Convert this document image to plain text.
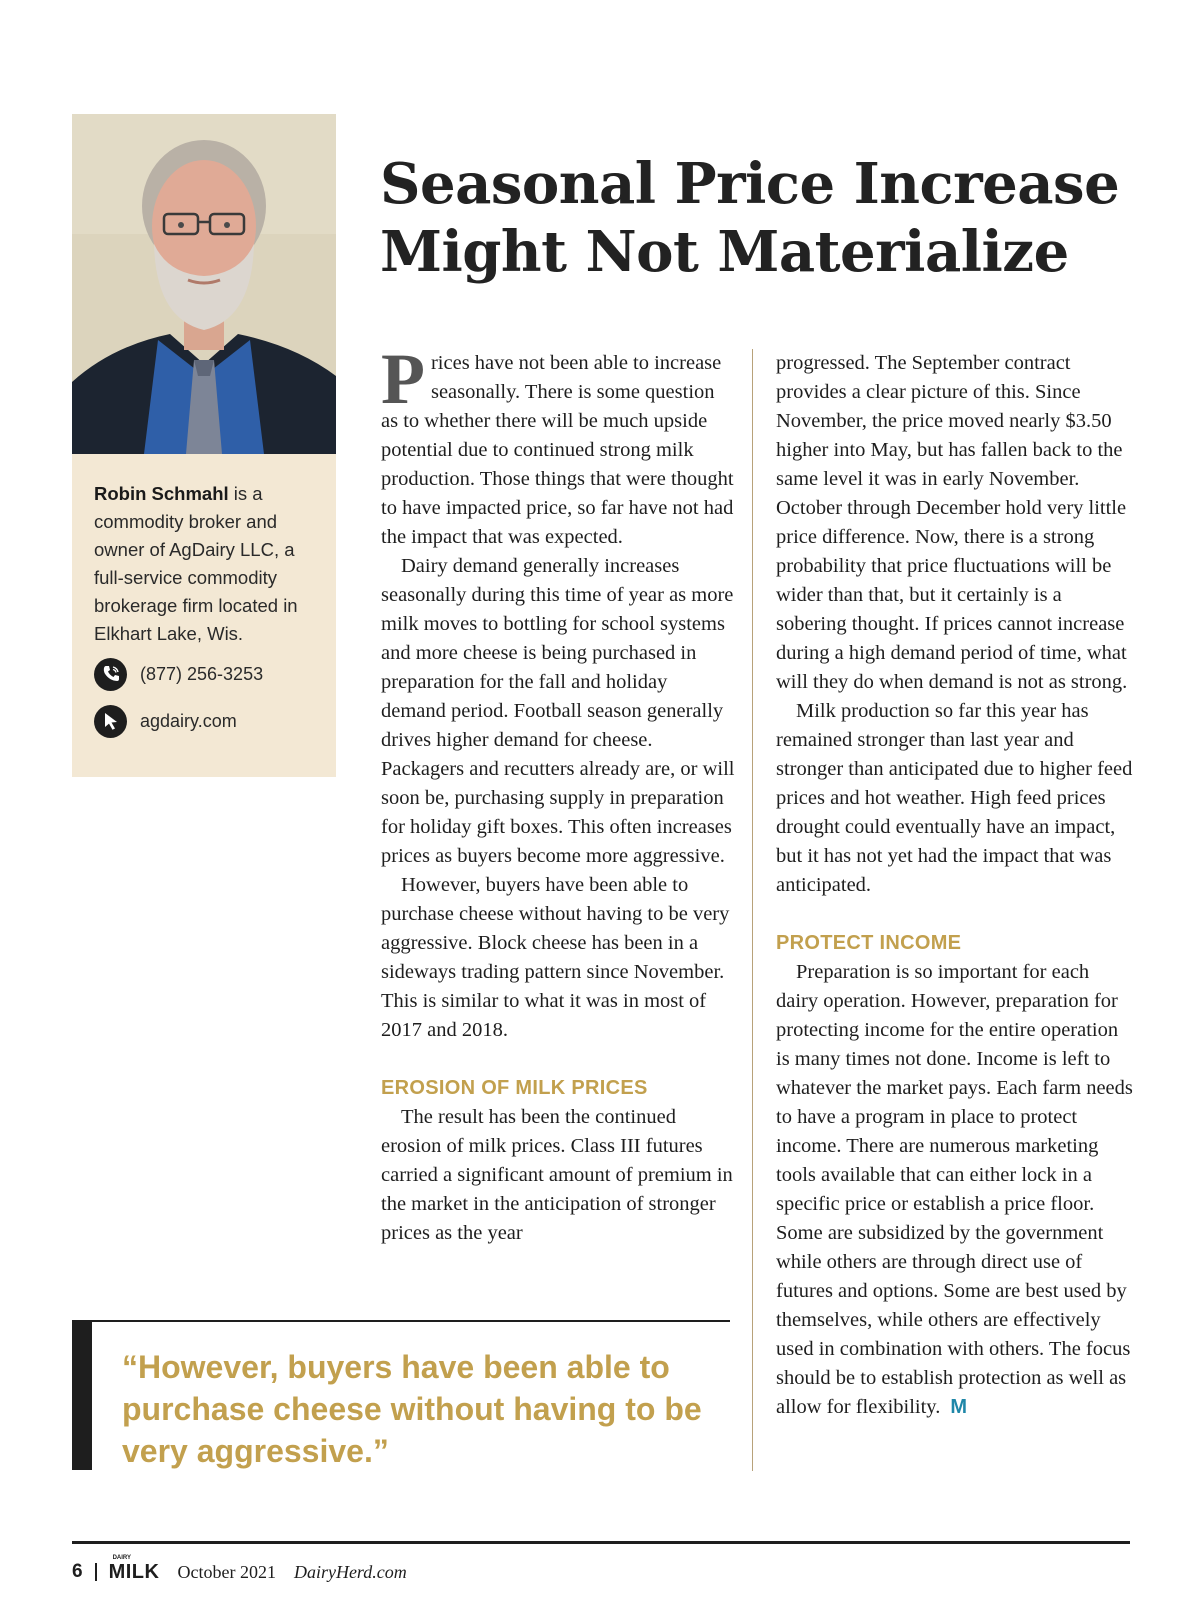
Robin Schmahl is a commodity broker and owner of AgDairy LLC, a full-service commodity brokerage firm located in Elkhart Lake, Wis.
(877) 256-3253
agdairy.com
Seasonal Price Increase
Might Not Materialize

Prices have not been able to increase seasonally. There is some question as to whether there will be much upside potential due to continued strong milk production. Those things that were thought to have impacted price, so far have not had the impact that was expected.

Dairy demand generally increases seasonally during this time of year as more milk moves to bottling for school systems and more cheese is being purchased in preparation for the fall and holiday demand period. Football season generally drives higher demand for cheese. Packagers and recutters already are, or will soon be, purchasing supply in preparation for holiday gift boxes. This often increases prices as buyers become more aggressive.

However, buyers have been able to purchase cheese without having to be very aggressive. Block cheese has been in a sideways trading pattern since November. This is similar to what it was in most of 2017 and 2018.

EROSION OF MILK PRICES

The result has been the continued erosion of milk prices. Class III futures carried a significant amount of premium in the market in the anticipation of stronger prices as the year

progressed. The September contract provides a clear picture of this. Since November, the price moved nearly $3.50 higher into May, but has fallen back to the same level it was in early November. October through December hold very little price difference. Now, there is a strong probability that price fluctuations will be wider than that, but it certainly is a sobering thought. If prices cannot increase during a high demand period of time, what will they do when demand is not as strong.

Milk production so far this year has remained stronger than last year and stronger than anticipated due to higher feed prices and hot weather. High feed prices drought could eventually have an impact, but it has not yet had the impact that was anticipated.

PROTECT INCOME

Preparation is so important for each dairy operation. However, preparation for protecting income for the entire operation is many times not done. Income is left to whatever the market pays. Each farm needs to have a program in place to protect income. There are numerous marketing tools available that can either lock in a specific price or establish a price floor. Some are subsidized by the government while others are through direct use of futures and options. Some are best used by themselves, while others are effectively used in combination with others. The focus should be to establish protection as well as allow for flexibility. M

“However, buyers have been able to purchase cheese without having to be very aggressive.”
6
DAIRY
MILK October 2021 DairyHerd.com
